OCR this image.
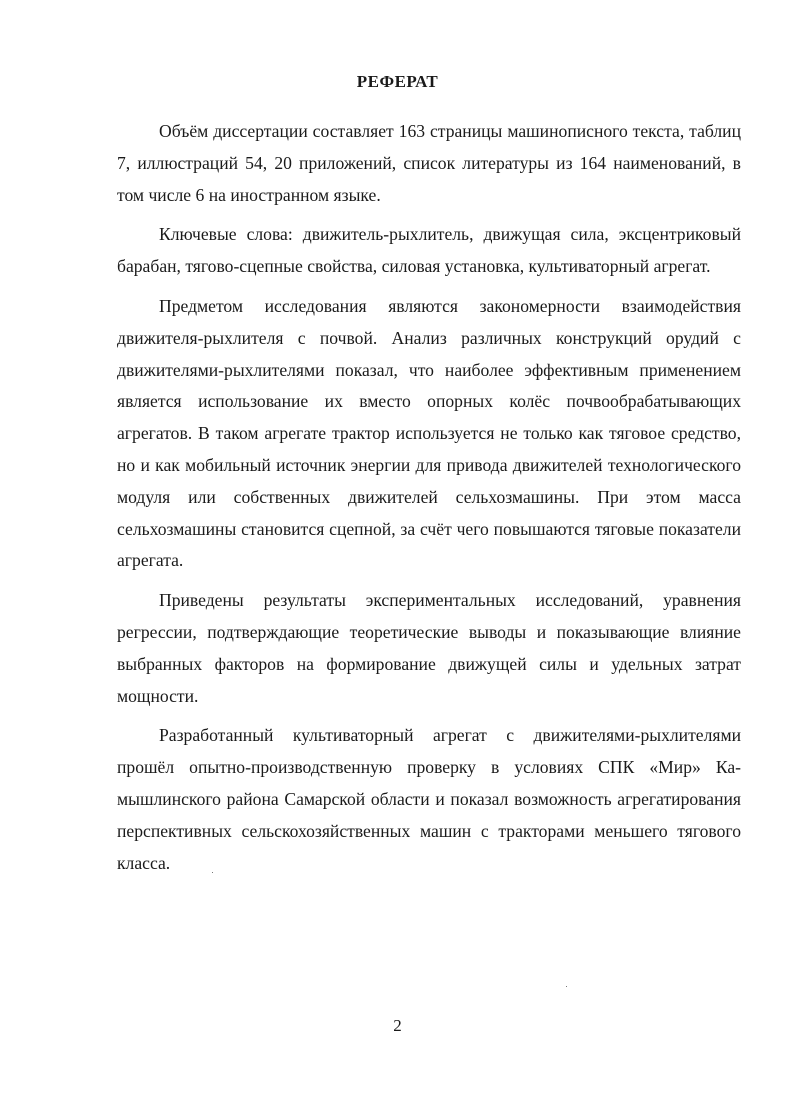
РЕФЕРАТ

Объём диссертации составляет 163 страницы машинописного текста, таблиц 7, иллюстраций 54, 20 приложений, список литературы из 164 наименований, в том числе 6 на иностранном языке.

Ключевые слова: движитель-рыхлитель, движущая сила, эксцентриковый барабан, тягово-сцепные свойства, силовая установка, культиваторный агрегат.

Предметом исследования являются закономерности взаимодействия движителя-рыхлителя с почвой. Анализ различных конструкций орудий с движителями-рыхлителями показал, что наиболее эффективным применением является использование их вместо опорных колёс почвообрабатывающих агрегатов. В таком агрегате трактор используется не только как тяговое средство, но и как мобильный источник энергии для привода движителей технологического модуля или собственных движителей сельхозмашины. При этом масса сельхозмашины становится сцепной, за счёт чего повышаются тяговые показатели агрегата.

Приведены результаты экспериментальных исследований, уравнения регрессии, подтверждающие теоретические выводы и показывающие влияние выбранных факторов на формирование движущей силы и удельных затрат мощности.

Разработанный культиваторный агрегат с движителями-рыхлителями прошёл опытно-производственную проверку в условиях СПК «Мир» Камышлинского района Самарской области и показал возможность агрегатирования перспективных сельскохозяйственных машин с тракторами меньшего тягового класса.

2
